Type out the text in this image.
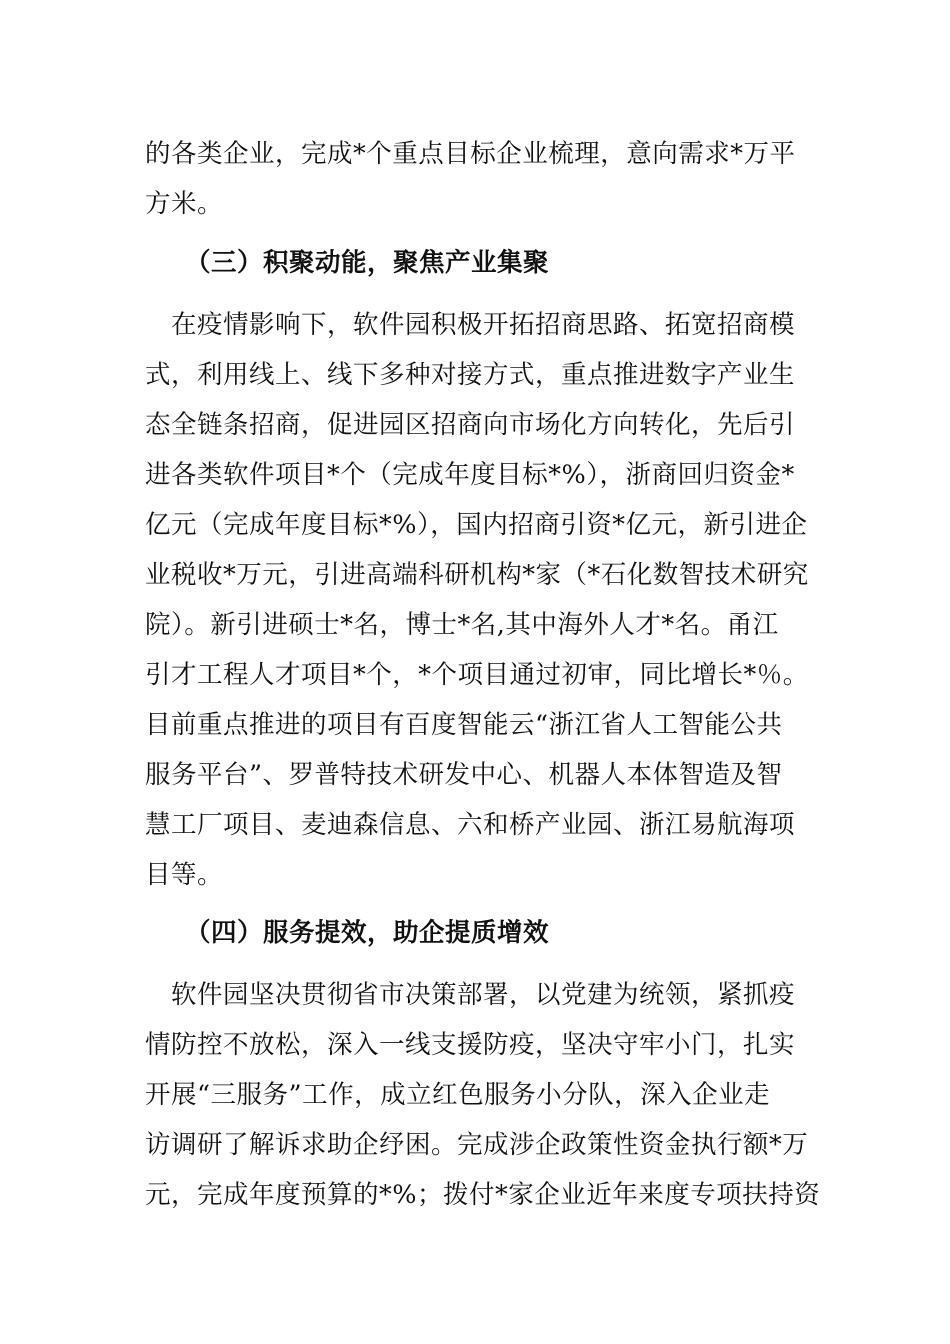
的各类企业，完成*个重点目标企业梳理，意向需求*万平
方米。
（三）积聚动能，聚焦产业集聚
　在疫情影响下，软件园积极开拓招商思路、拓宽招商模
式，利用线上、线下多种对接方式，重点推进数字产业生
态全链条招商，促进园区招商向市场化方向转化，先后引
进各类软件项目*个（完成年度目标*%），浙商回归资金*
亿元（完成年度目标*%），国内招商引资*亿元，新引进企
业税收*万元，引进高端科研机构*家（*石化数智技术研究
院）。新引进硕士*名，博士*名,其中海外人才*名。甬江
引才工程人才项目*个，*个项目通过初审，同比增长*％。
目前重点推进的项目有百度智能云“浙江省人工智能公共
服务平台”、罗普特技术研发中心、机器人本体智造及智
慧工厂项目、麦迪森信息、六和桥产业园、浙江易航海项
目等。
（四）服务提效，助企提质增效
　软件园坚决贯彻省市决策部署，以党建为统领，紧抓疫
情防控不放松，深入一线支援防疫，坚决守牢小门，扎实
开展“三服务”工作，成立红色服务小分队，深入企业走
访调研了解诉求助企纾困。完成涉企政策性资金执行额*万
元，完成年度预算的*%；拨付*家企业近年来度专项扶持资
